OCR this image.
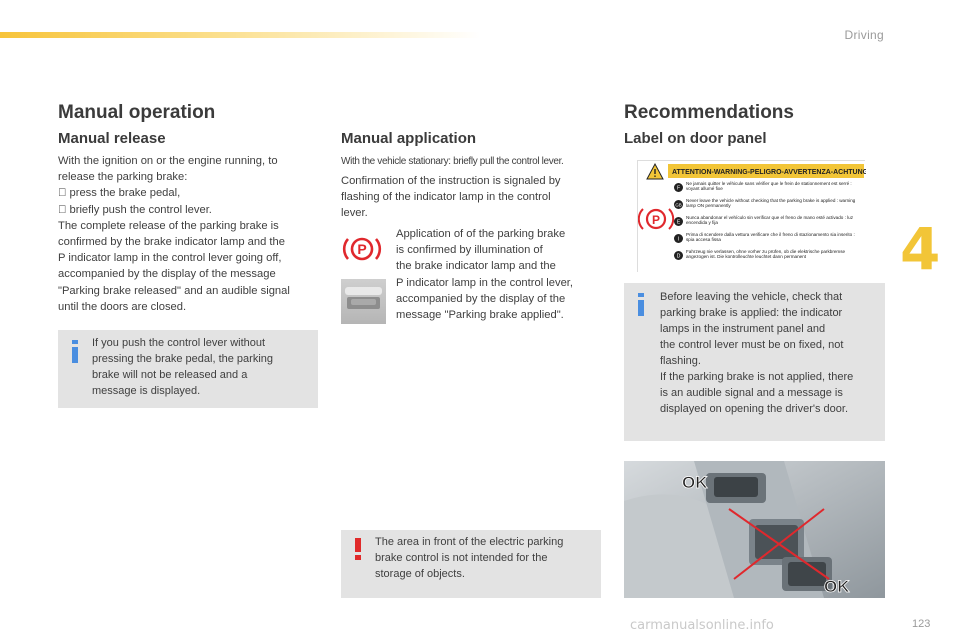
Driving
4
123
carmanualsonline.info
Manual operation
Manual release
With the ignition on or the engine running, to
release the parking brake:
press the brake pedal,
briefly push the control lever.
The complete release of the parking brake is
confirmed by the brake indicator lamp and the
P indicator lamp in the control lever going off,
accompanied by the display of the message
"Parking brake released" and an audible signal
until the doors are closed.
If you push the control lever without
pressing the brake pedal, the parking
brake will not be released and a
message is displayed.
Manual application
With the vehicle stationary: briefly pull the control lever.
Confirmation of the instruction is signaled by
flashing of the indicator lamp in the control
lever.
P
Application of of the parking brake
is confirmed by illumination of
the brake indicator lamp and the
P indicator lamp in the control lever,
accompanied by the display of the
message "Parking brake applied".
The area in front of the electric parking
brake control is not intended for the
storage of objects.
Recommendations
Label on door panel
ATTENTION-WARNING-PELIGRO-AVVERTENZA-ACHTUNG
P
F
Ne jamais quitter le véhicule sans vérifier que le frein de stationnement est serré : voyant allumé fixe
GB
Never leave the vehicle without checking that the parking brake is applied : warning lamp ON permanently
E
Nunca abandonar el vehículo sin verificar que el freno de mano esté activado : luz encendida y fija
I
Prima di scendere dalla vettura verificare che il freno di stazionamento sia inserito : spia accesa fissa
D
Fahrzeug nie verlassen, ohne vorher zu prüfen, ob die elektrische parkbremse angezogen ist. Die kontrolleuchte leuchtet dann permanent
Before leaving the vehicle, check that
parking brake is applied: the indicator
lamps in the instrument panel and
the control lever must be on fixed, not
flashing.
If the parking brake is not applied, there
is an audible signal and a message is
displayed on opening the driver's door.
OK
OK
